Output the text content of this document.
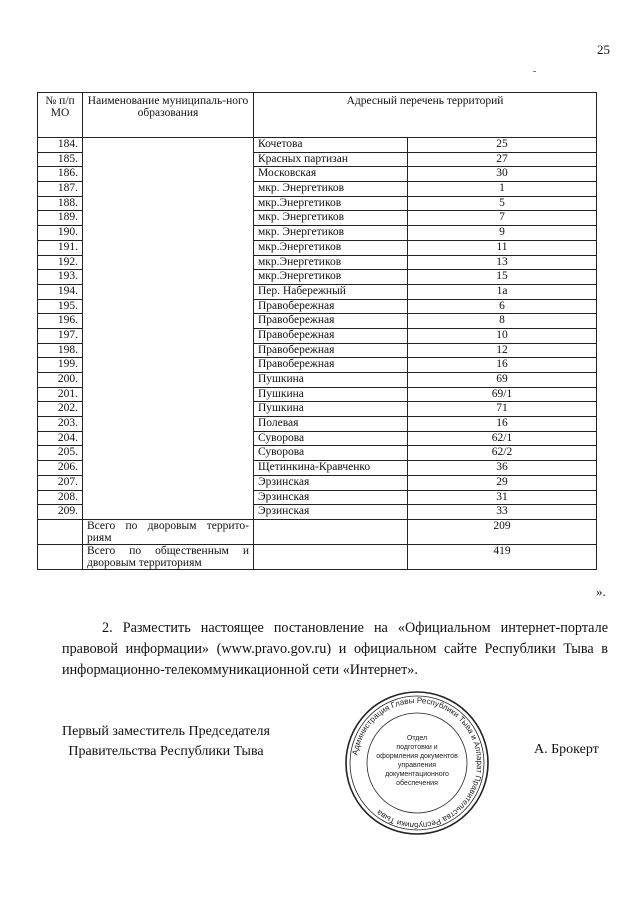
25
№ п/п МО	Наименование муниципаль-ного образования	Адресный перечень территорий	
184.		Кочетова	25
185.		Красных партизан	27
186.		Московская	30
187.		мкр. Энергетиков	1
188.		мкр.Энергетиков	5
189.		мкр. Энергетиков	7
190.		мкр. Энергетиков	9
191.		мкр.Энергетиков	11
192.		мкр.Энергетиков	13
193.		мкр.Энергетиков	15
194.		Пер. Набережный	1а
195.		Правобережная	6
196.		Правобережная	8
197.		Правобережная	10
198.		Правобережная	12
199.		Правобережная	16
200.		Пушкина	69
201.		Пушкина	69/1
202.		Пушкина	71
203.		Полевая	16
204.		Суворова	62/1
205.		Суворова	62/2
206.		Щетинкина-Кравченко	36
207.		Эрзинская	29
208.		Эрзинская	31
209.		Эрзинская	33

	Всего по дворовым террито-
риям		209

	Всего по общественным и
дворовым территориям		419
».
2. Разместить настоящее постановление на «Официальном интернет-портале правовой информации» (www.pravo.gov.ru) и официальном сайте Республики Тыва в информационно-телекоммуникационной сети «Интернет».
Первый заместитель Председателя
Правительства Республики Тыва	Администрация Главы Республики Тыва и Аппарат Правительства Республики Тыва
Отдел
подготовки и
оформления документов
управления
документационного
обеспечения
А. Брокерт
